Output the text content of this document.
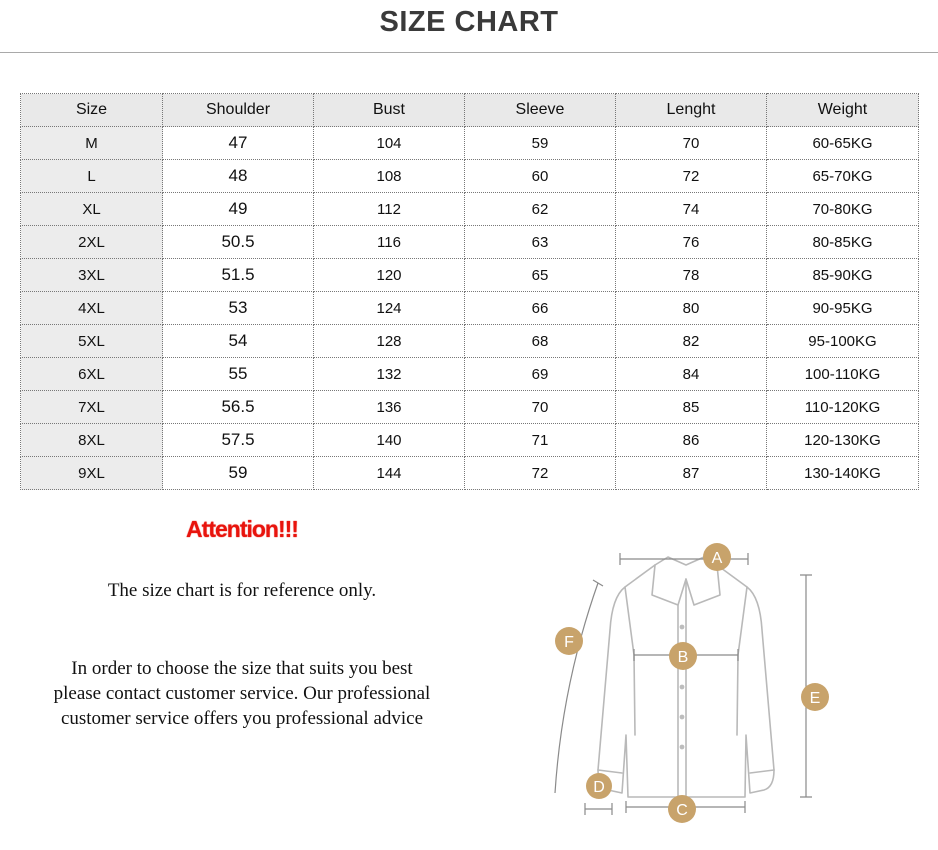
SIZE CHART
Size	Shoulder	Bust	Sleeve	Lenght	Weight
M	47	104	59	70	60-65KG
L	48	108	60	72	65-70KG
XL	49	112	62	74	70-80KG
2XL	50.5	116	63	76	80-85KG
3XL	51.5	120	65	78	85-90KG
4XL	53	124	66	80	90-95KG
5XL	54	128	68	82	95-100KG
6XL	55	132	69	84	100-110KG
7XL	56.5	136	70	85	110-120KG
8XL	57.5	140	71	86	120-130KG
9XL	59	144	72	87	130-140KG
Attention!!!
The size chart is for reference only.
In order to choose the size that suits you best
please contact customer service. Our professional
customer service offers you professional advice
A
B
C
D
E
F
